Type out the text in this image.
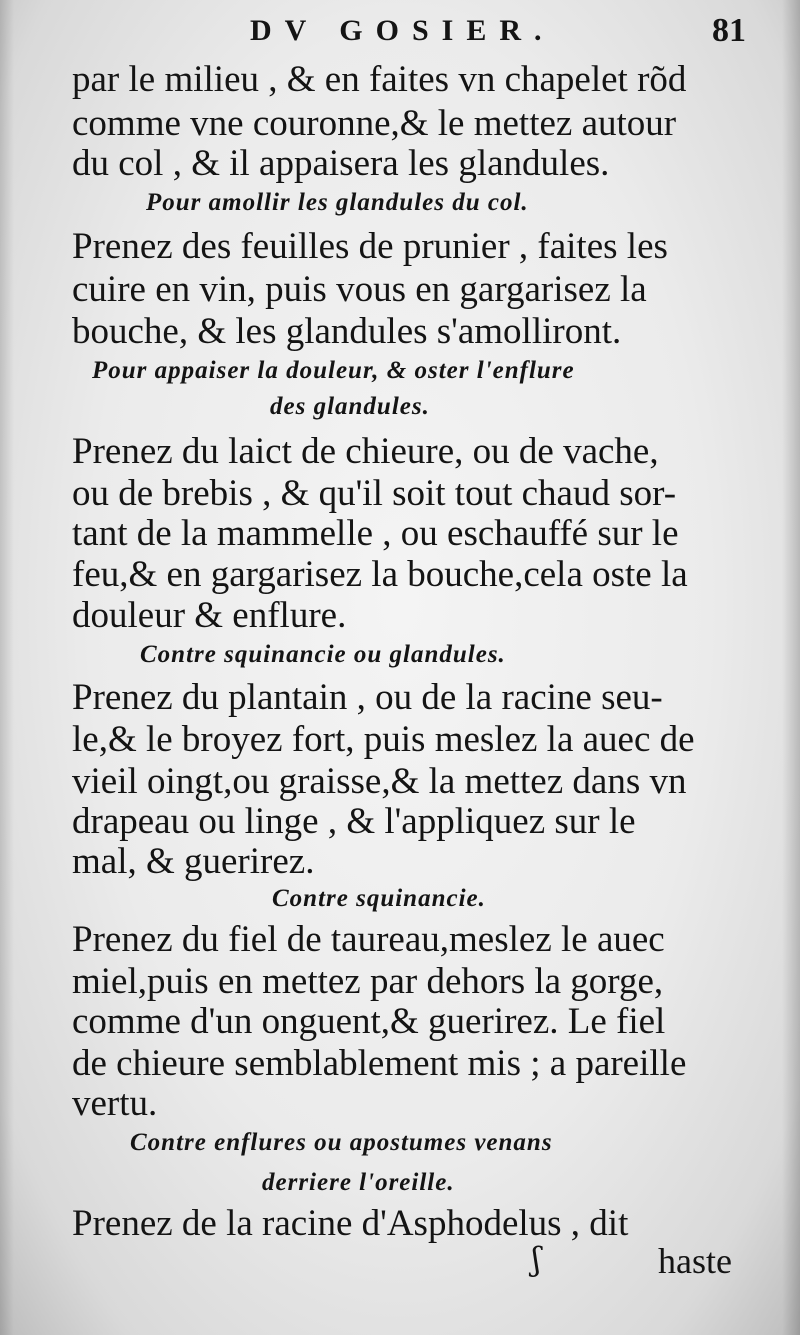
DV GOSIER.	81
par le milieu , & en faites vn chapelet rõd
comme vne couronne,& le mettez autour
du col , & il appaisera les glandules.
Pour amollir les glandules du col.
Prenez des feuilles de prunier , faites les
cuire en vin, puis vous en gargarisez la
bouche, & les glandules s'amolliront.
Pour appaiser la douleur, & oster l'enflure
des glandules.
Prenez du laict de chieure, ou de vache,
ou de brebis , & qu'il soit tout chaud sor-
tant de la mammelle , ou eschauffé sur le
feu,& en gargarisez la bouche,cela oste la
douleur & enflure.
Contre squinancie ou glandules.
Prenez du plantain , ou de la racine seu-
le,& le broyez fort, puis meslez la auec de
vieil oingt,ou graisse,& la mettez dans vn
drapeau ou linge , & l'appliquez sur le
mal, & guerirez.
Contre squinancie.
Prenez du fiel de taureau,meslez le auec
miel,puis en mettez par dehors la gorge,
comme d'un onguent,& guerirez. Le fiel
de chieure semblablement mis ; a pareille
vertu.
Contre enflures ou apostumes venans
derriere l'oreille.
Prenez de la racine d'Asphodelus , dit
ʃ	haste
